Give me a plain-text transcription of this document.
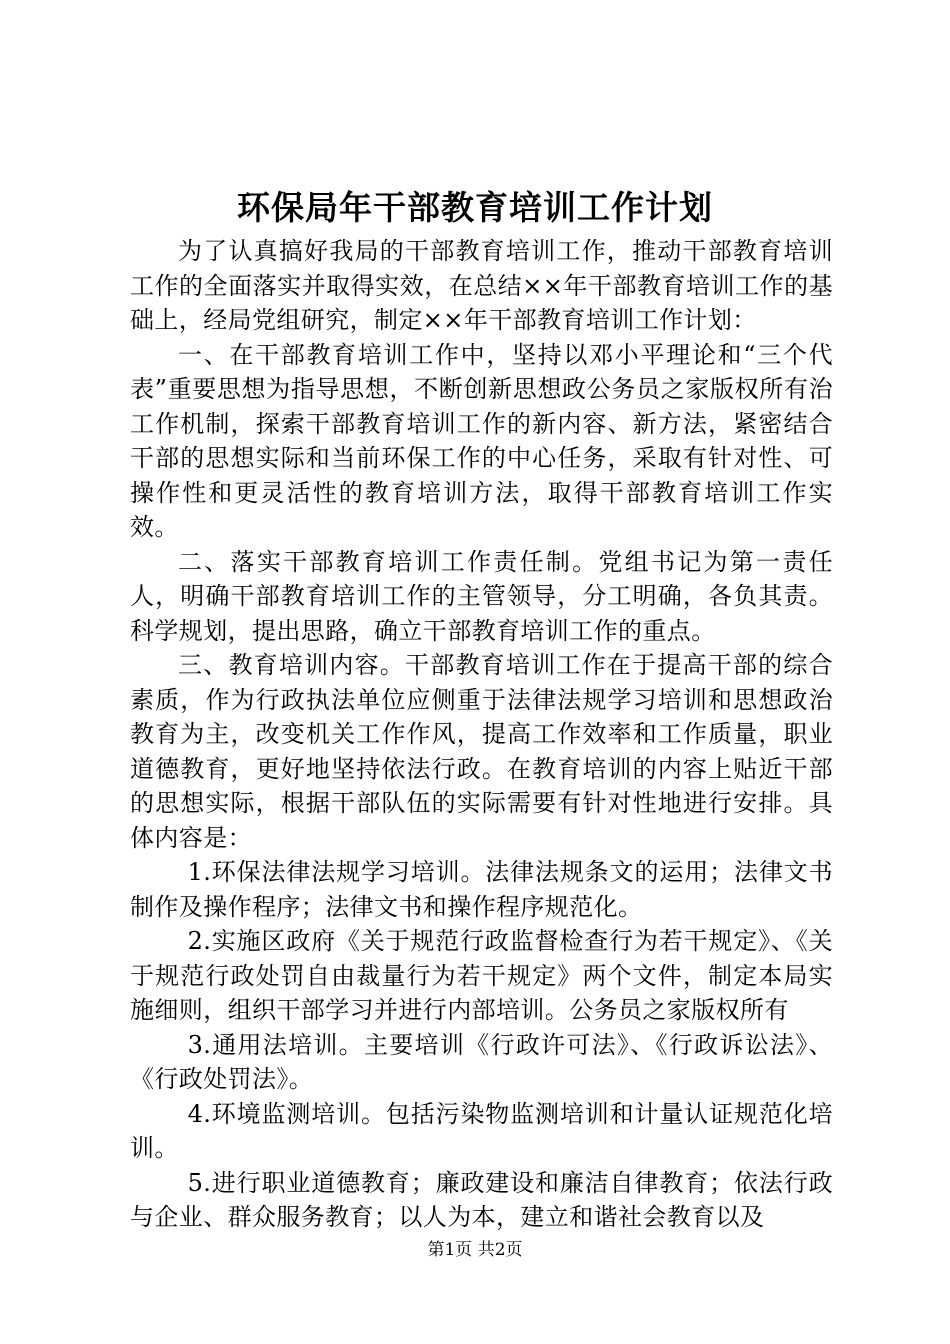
环保局年干部教育培训工作计划

为了认真搞好我局的干部教育培训工作，推动干部教育培训工作的全面落实并取得实效，在总结××年干部教育培训工作的基础上，经局党组研究，制定××年干部教育培训工作计划：

一、在干部教育培训工作中，坚持以邓小平理论和“三个代表”重要思想为指导思想，不断创新思想政公务员之家版权所有治工作机制，探索干部教育培训工作的新内容、新方法，紧密结合干部的思想实际和当前环保工作的中心任务，采取有针对性、可操作性和更灵活性的教育培训方法，取得干部教育培训工作实效。

二、落实干部教育培训工作责任制。党组书记为第一责任人，明确干部教育培训工作的主管领导，分工明确，各负其责。科学规划，提出思路，确立干部教育培训工作的重点。

三、教育培训内容。干部教育培训工作在于提高干部的综合素质，作为行政执法单位应侧重于法律法规学习培训和思想政治教育为主，改变机关工作作风，提高工作效率和工作质量，职业道德教育，更好地坚持依法行政。在教育培训的内容上贴近干部的思想实际，根据干部队伍的实际需要有针对性地进行安排。具体内容是：

1.环保法律法规学习培训。法律法规条文的运用；法律文书制作及操作程序；法律文书和操作程序规范化。

2.实施区政府《关于规范行政监督检查行为若干规定》、《关于规范行政处罚自由裁量行为若干规定》两个文件，制定本局实施细则，组织干部学习并进行内部培训。公务员之家版权所有

3.通用法培训。主要培训《行政许可法》、《行政诉讼法》、《行政处罚法》。

4.环境监测培训。包括污染物监测培训和计量认证规范化培训。

5.进行职业道德教育；廉政建设和廉洁自律教育；依法行政与企业、群众服务教育；以人为本，建立和谐社会教育以及

第1页 共2页
